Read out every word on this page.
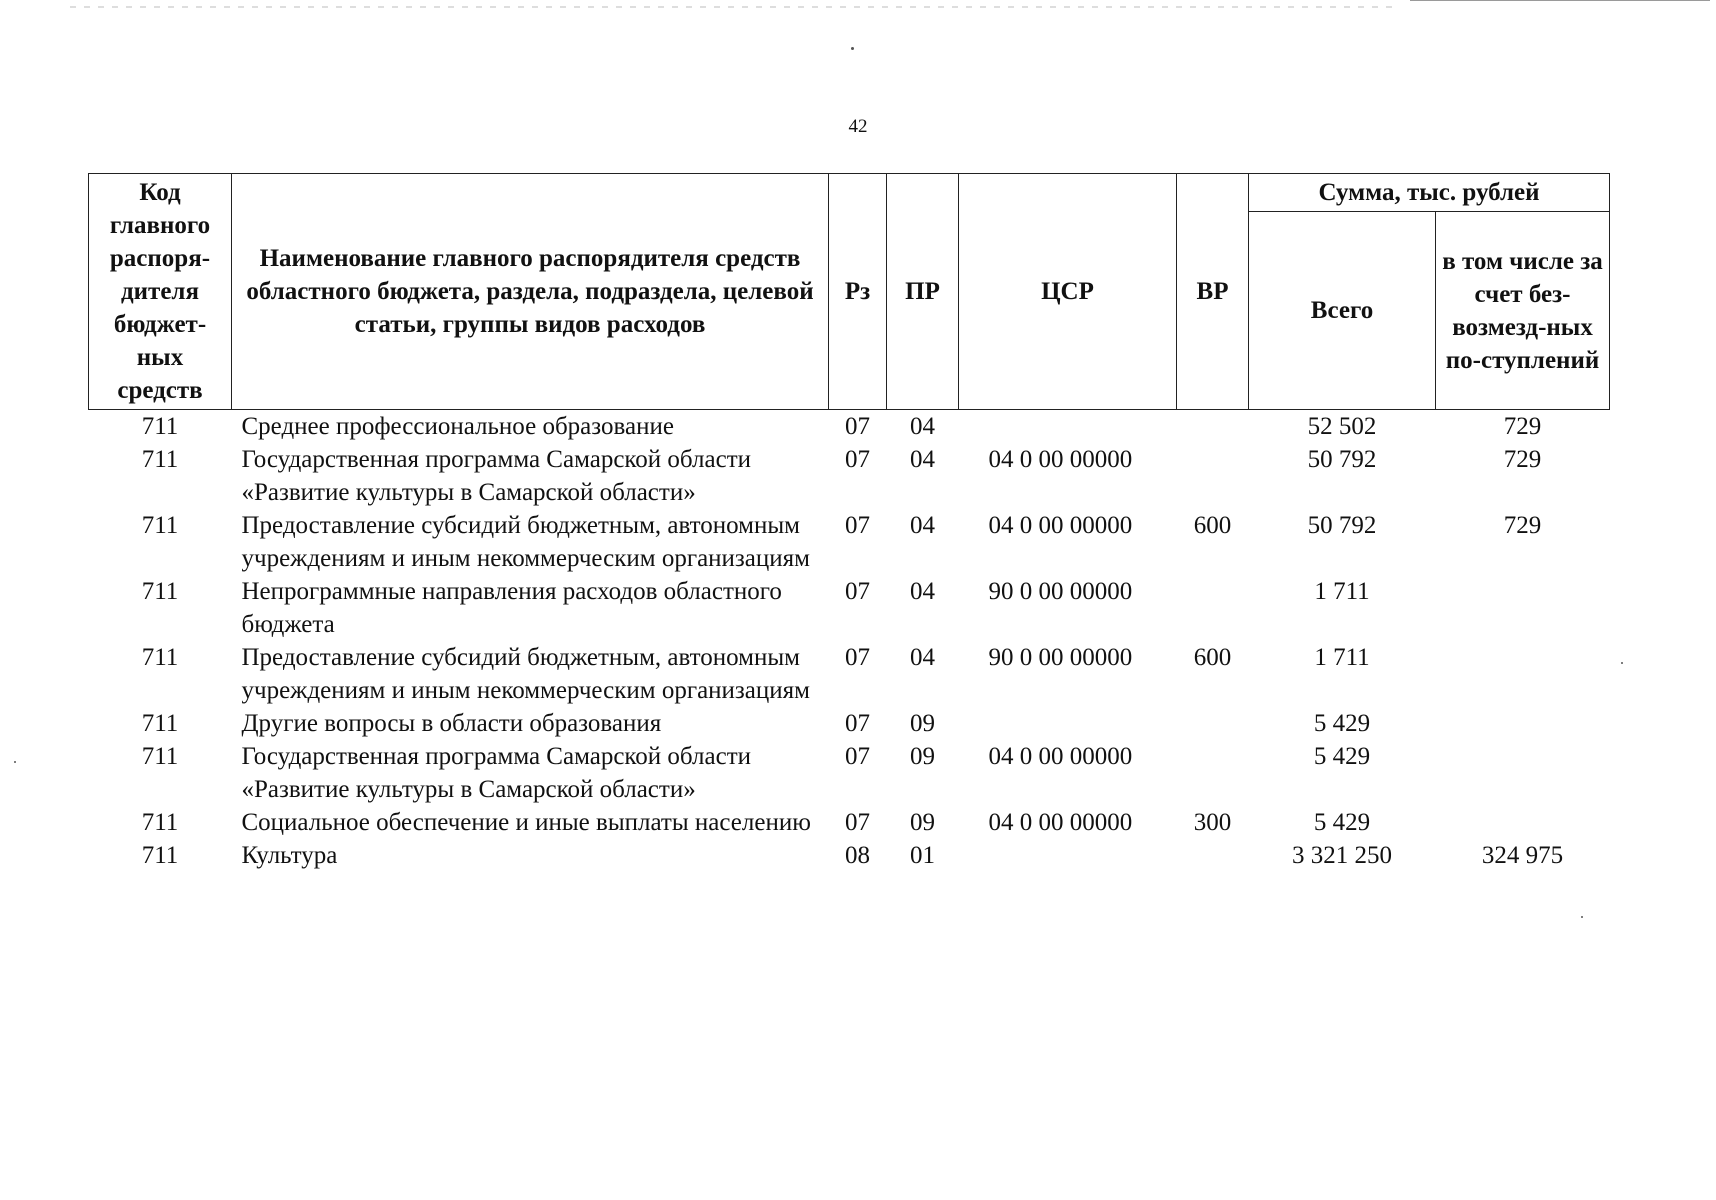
42
Код главного распоря-дителя бюджет-ных средств	Наименование главного распорядителя средств областного бюджета, раздела, подраздела, целевой статьи, группы видов расходов	Рз	ПР	ЦСР	ВР	Сумма, тыс. рублей	
						Всего	в том числе за счет без-возмезд-ных по-ступлений
711	Среднее профессиональное образование	07	04			52 502	729
711	Государственная программа Самарской области «Развитие культуры в Самарской области»	07	04	04 0 00 00000		50 792	729
711	Предоставление субсидий бюджетным, автономным учреждениям и иным некоммерческим организациям	07	04	04 0 00 00000	600	50 792	729
711	Непрограммные направления расходов областного бюджета	07	04	90 0 00 00000		1 711	
711	Предоставление субсидий бюджетным, автономным учреждениям и иным некоммерческим организациям	07	04	90 0 00 00000	600	1 711	
711	Другие вопросы в области образования	07	09			5 429	
711	Государственная программа Самарской области «Развитие культуры в Самарской области»	07	09	04 0 00 00000		5 429	
711	Социальное обеспечение и иные выплаты населению	07	09	04 0 00 00000	300	5 429	
711	Культура	08	01			3 321 250	324 975
